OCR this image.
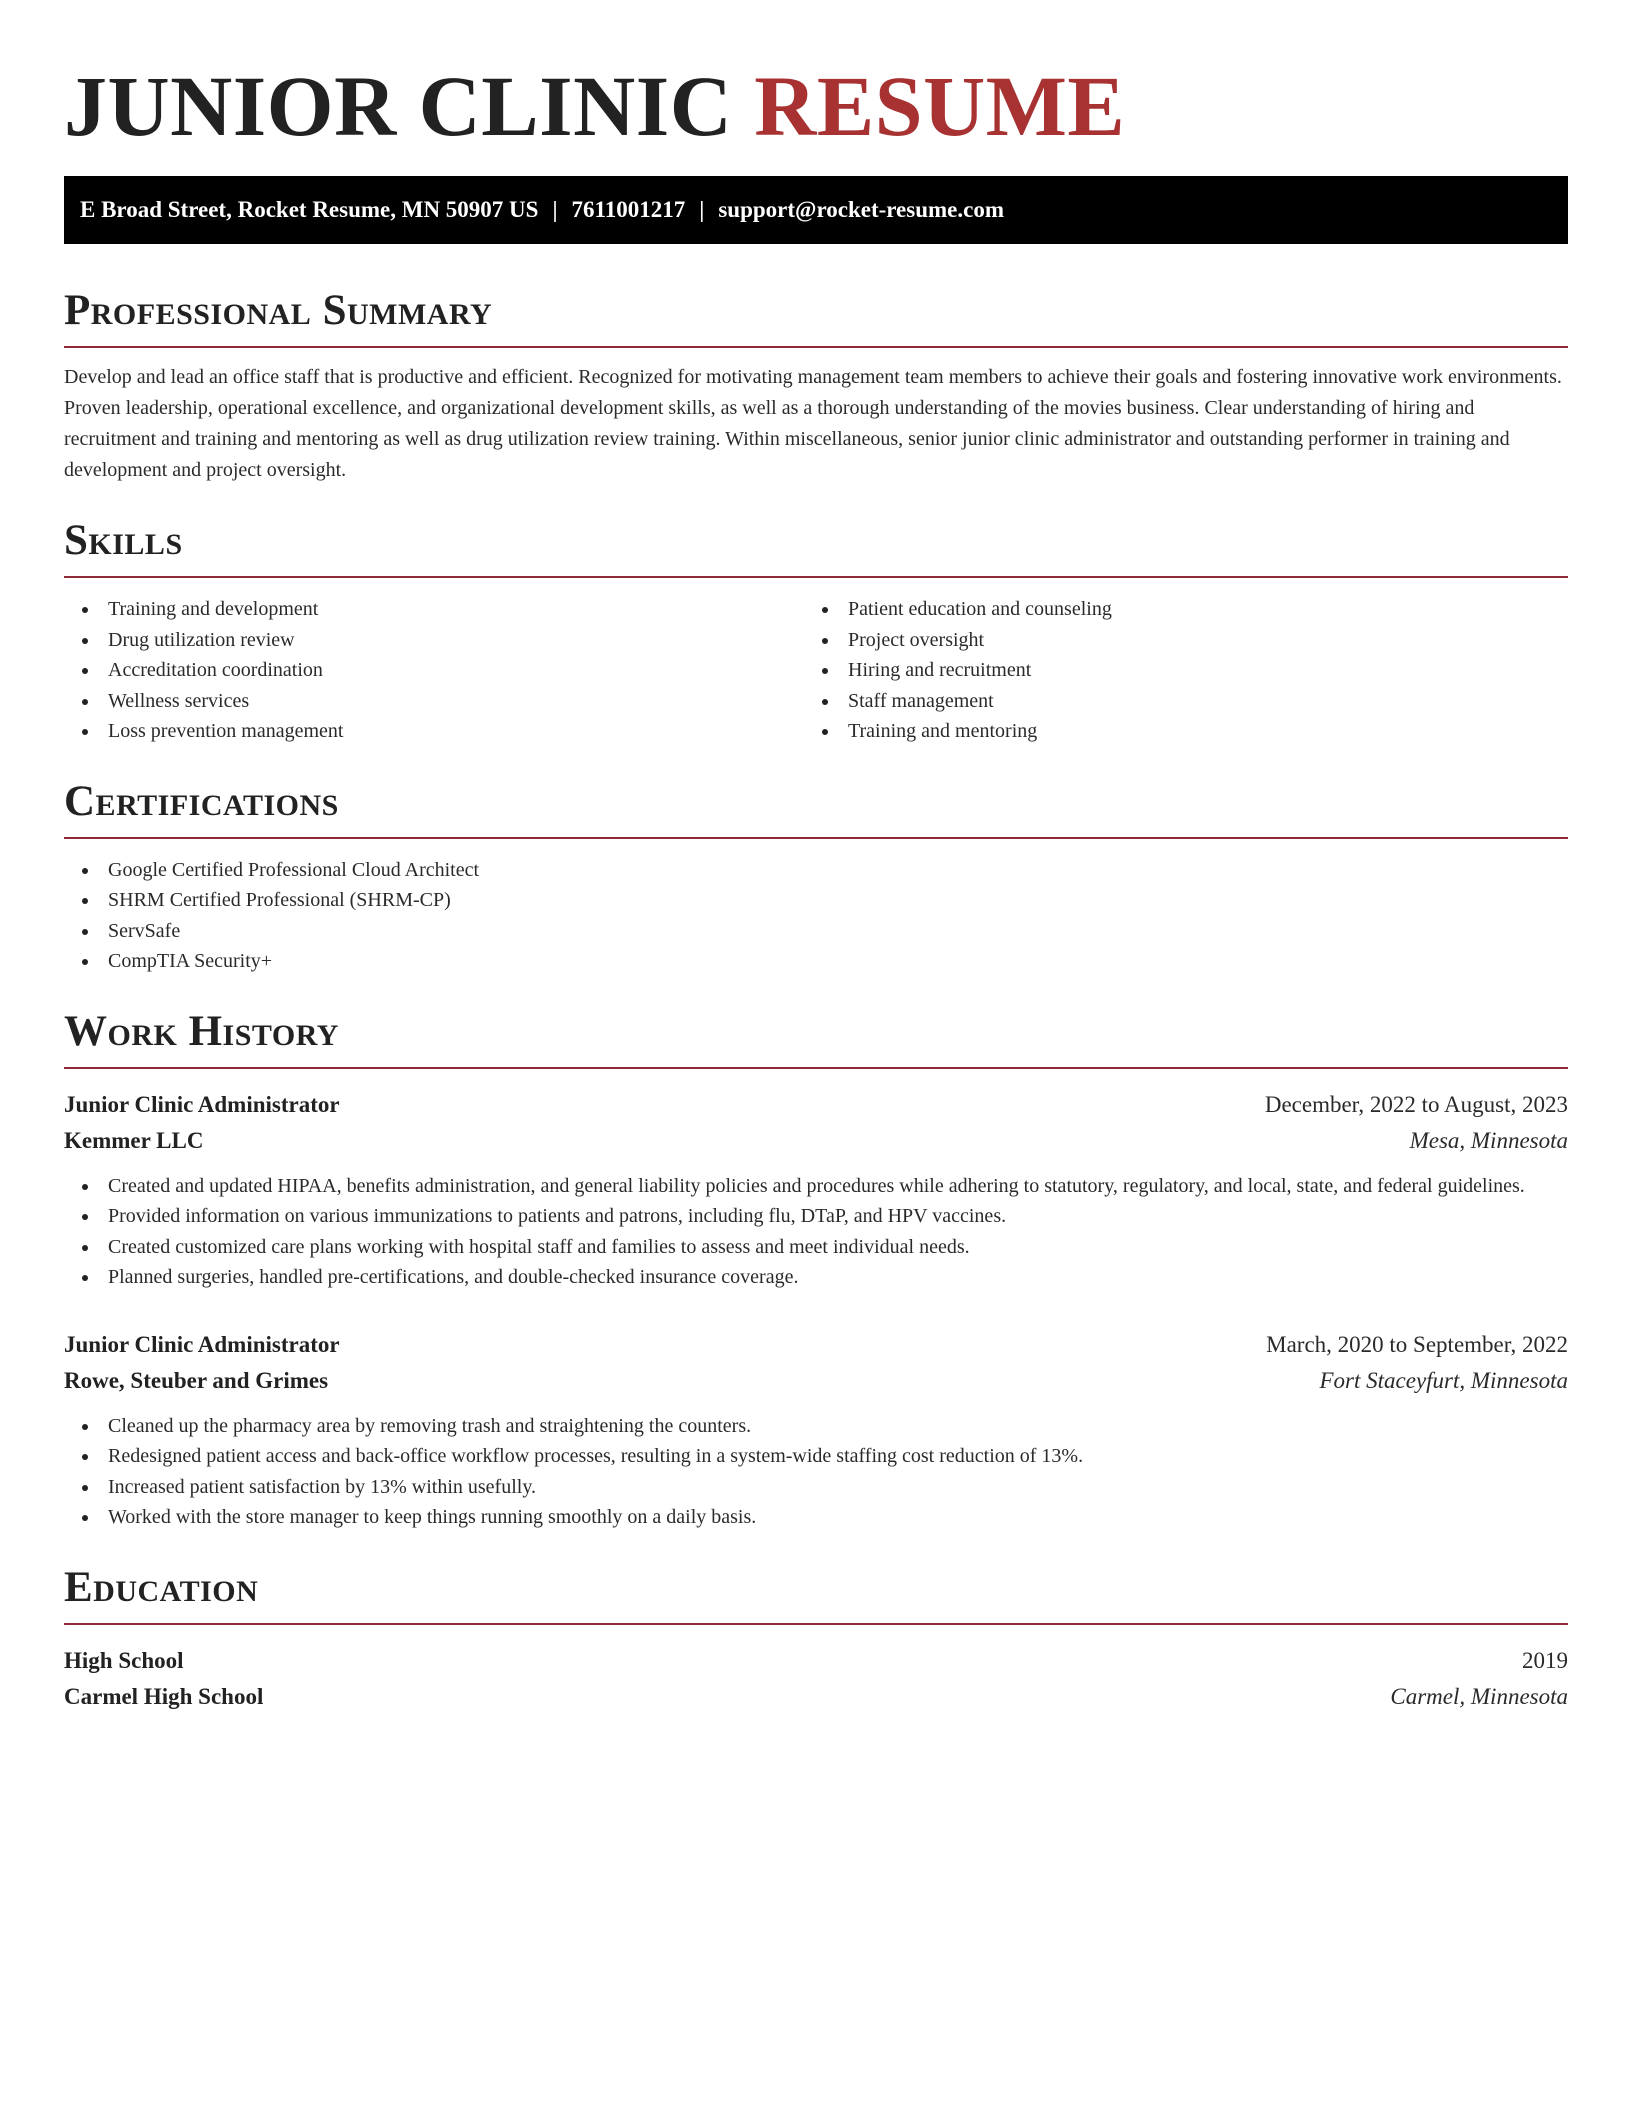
JUNIOR CLINIC RESUME
E Broad Street, Rocket Resume, MN 50907 US | 7611001217 | support@rocket-resume.com
Professional Summary

Develop and lead an office staff that is productive and efficient. Recognized for motivating management team members to achieve their goals and fostering innovative work environments. Proven leadership, operational excellence, and organizational development skills, as well as a thorough understanding of the movies business. Clear understanding of hiring and recruitment and training and mentoring as well as drug utilization review training. Within miscellaneous, senior junior clinic administrator and outstanding performer in training and development and project oversight.

Skills
Training and development
Drug utilization review
Accreditation coordination
Wellness services
Loss prevention management
Patient education and counseling
Project oversight
Hiring and recruitment
Staff management
Training and mentoring
Certifications
Google Certified Professional Cloud Architect
SHRM Certified Professional (SHRM-CP)
ServSafe
CompTIA Security+
Work History
Junior Clinic Administrator	December, 2022 to August, 2023
Kemmer LLC	Mesa, Minnesota
Created and updated HIPAA, benefits administration, and general liability policies and procedures while adhering to statutory, regulatory, and local, state, and federal guidelines.
Provided information on various immunizations to patients and patrons, including flu, DTaP, and HPV vaccines.
Created customized care plans working with hospital staff and families to assess and meet individual needs.
Planned surgeries, handled pre-certifications, and double-checked insurance coverage.
Junior Clinic Administrator	March, 2020 to September, 2022
Rowe, Steuber and Grimes	Fort Staceyfurt, Minnesota
Cleaned up the pharmacy area by removing trash and straightening the counters.
Redesigned patient access and back-office workflow processes, resulting in a system-wide staffing cost reduction of 13%.
Increased patient satisfaction by 13% within usefully.
Worked with the store manager to keep things running smoothly on a daily basis.
Education
High School	2019
Carmel High School	Carmel, Minnesota
